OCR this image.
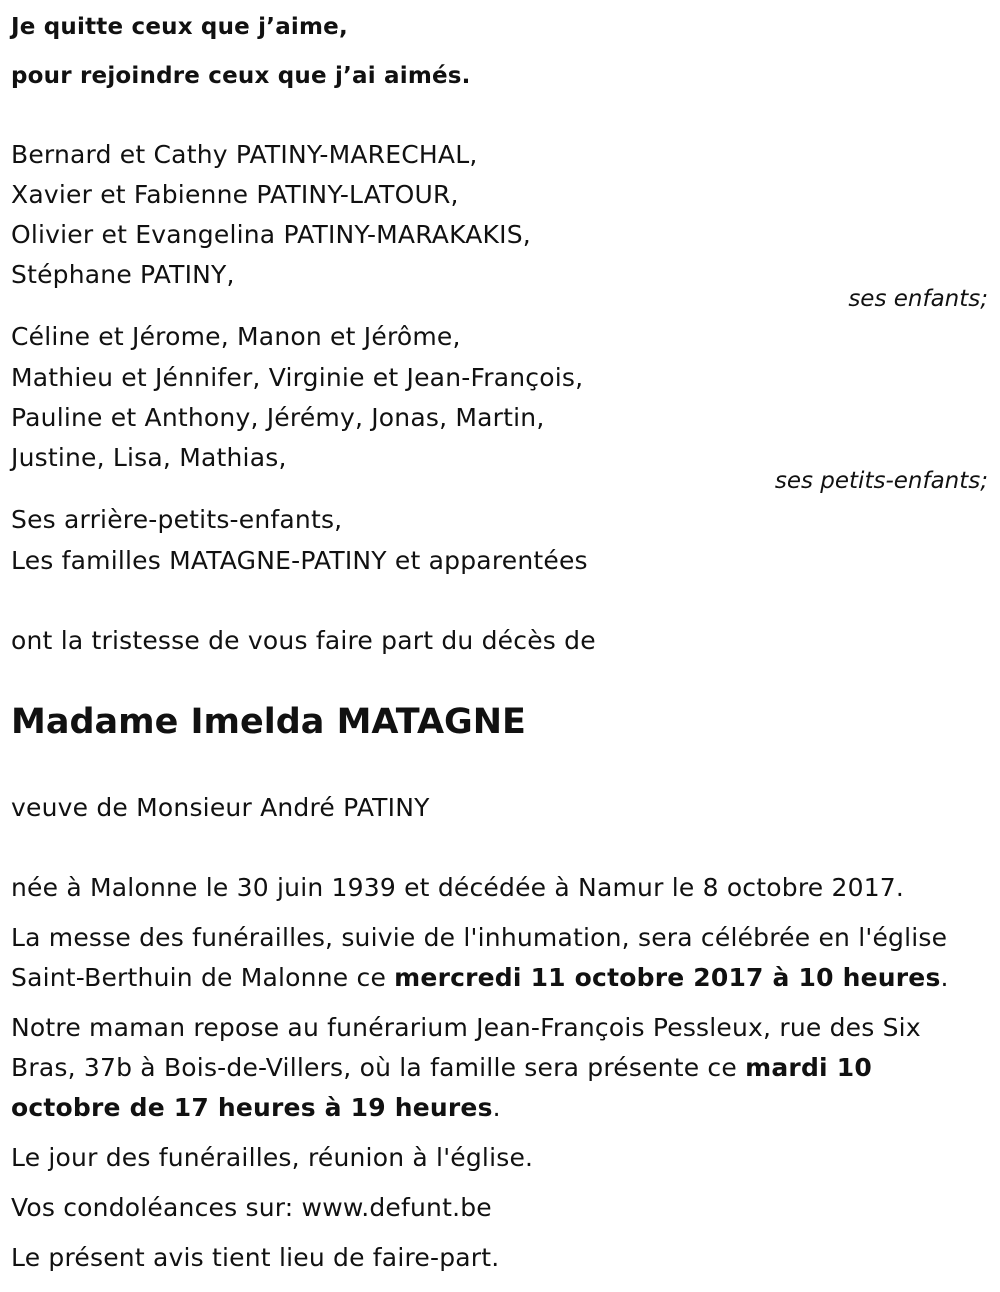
Je quitte ceux que j’aime,
pour rejoindre ceux que j’ai aimés.
Bernard et Cathy PATINY-MARECHAL,
Xavier et Fabienne PATINY-LATOUR,
Olivier et Evangelina PATINY-MARAKAKIS,
Stéphane PATINY,
ses enfants;
Céline et Jérome, Manon et Jérôme,
Mathieu et Jénnifer, Virginie et Jean-François,
Pauline et Anthony, Jérémy, Jonas, Martin,
Justine, Lisa, Mathias,
ses petits-enfants;
Ses arrière-petits-enfants,
Les familles MATAGNE-PATINY et apparentées
ont la tristesse de vous faire part du décès de
Madame Imelda MATAGNE
veuve de Monsieur André PATINY
née à Malonne le 30 juin 1939 et décédée à Namur le 8 octobre 2017.
La messe des funérailles, suivie de l'inhumation, sera célébrée en l'église
Saint-Berthuin de Malonne ce mercredi 11 octobre 2017 à 10 heures.
Notre maman repose au funérarium Jean-François Pessleux, rue des Six
Bras, 37b à Bois-de-Villers, où la famille sera présente ce mardi 10
octobre de 17 heures à 19 heures.
Le jour des funérailles, réunion à l'église.
Vos condoléances sur: www.defunt.be
Le présent avis tient lieu de faire-part.
